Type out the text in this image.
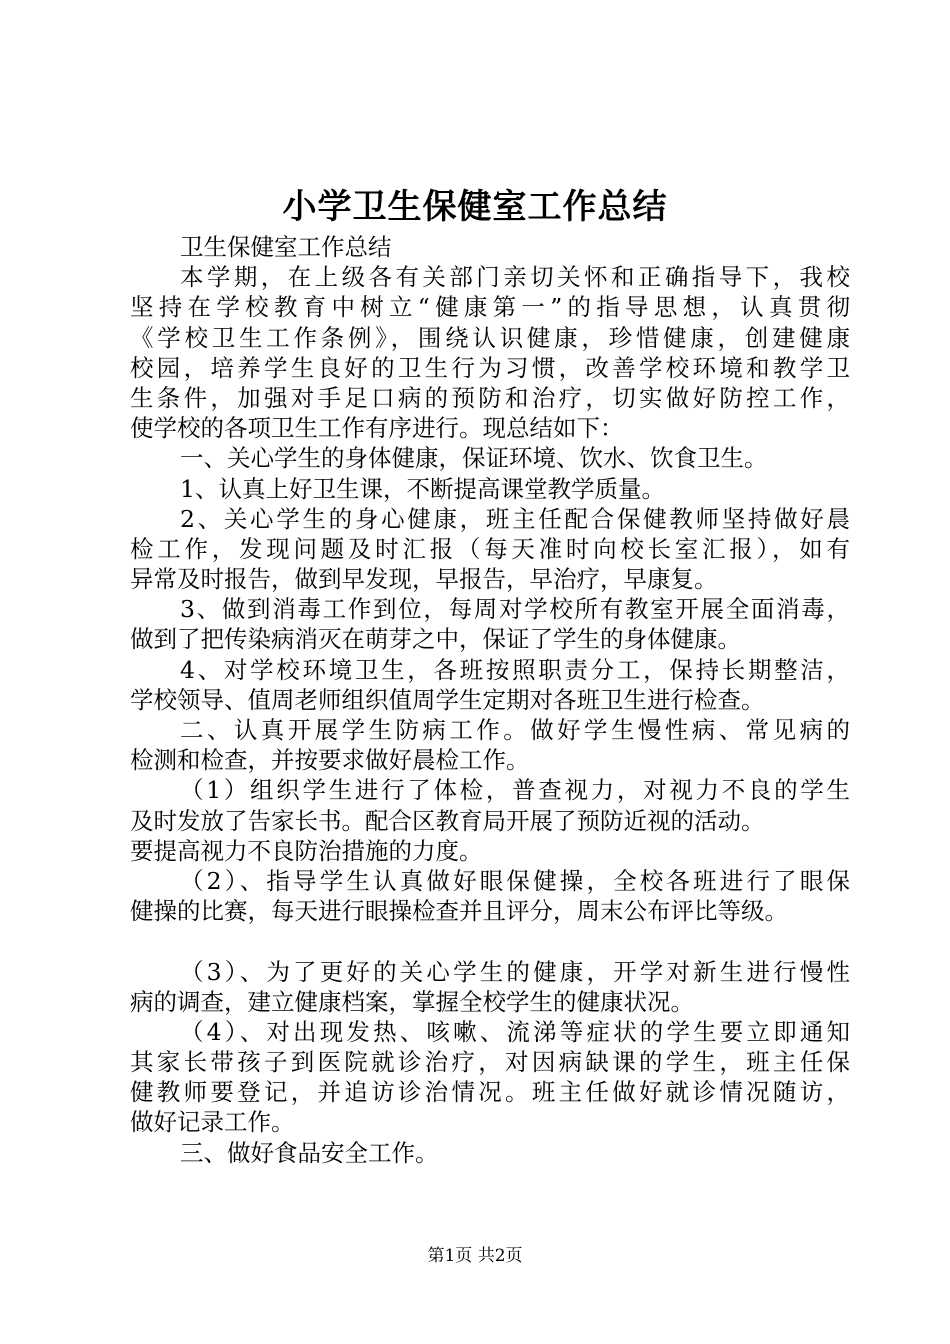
小学卫生保健室工作总结
卫生保健室工作总结
本学期，在上级各有关部门亲切关怀和正确指导下，我校
坚持在学校教育中树立“健康第一”的指导思想，认真贯彻
《学校卫生工作条例》，围绕认识健康，珍惜健康，创建健康
校园，培养学生良好的卫生行为习惯，改善学校环境和教学卫
生条件，加强对手足口病的预防和治疗，切实做好防控工作，
使学校的各项卫生工作有序进行。现总结如下：
一、关心学生的身体健康，保证环境、饮水、饮食卫生。
1、认真上好卫生课，不断提高课堂教学质量。
2、关心学生的身心健康，班主任配合保健教师坚持做好晨
检工作，发现问题及时汇报（每天准时向校长室汇报），如有
异常及时报告，做到早发现，早报告，早治疗，早康复。
3、做到消毒工作到位，每周对学校所有教室开展全面消毒，
做到了把传染病消灭在萌芽之中，保证了学生的身体健康。
4、对学校环境卫生，各班按照职责分工，保持长期整洁，
学校领导、值周老师组织值周学生定期对各班卫生进行检查。
二、认真开展学生防病工作。做好学生慢性病、常见病的
检测和检查，并按要求做好晨检工作。
（1）组织学生进行了体检，普查视力，对视力不良的学生
及时发放了告家长书。配合区教育局开展了预防近视的活动。
要提高视力不良防治措施的力度。
（2）、指导学生认真做好眼保健操，全校各班进行了眼保
健操的比赛，每天进行眼操检查并且评分，周末公布评比等级。
（3）、为了更好的关心学生的健康，开学对新生进行慢性
病的调查，建立健康档案，掌握全校学生的健康状况。
（4）、对出现发热、咳嗽、流涕等症状的学生要立即通知
其家长带孩子到医院就诊治疗，对因病缺课的学生，班主任保
健教师要登记，并追访诊治情况。班主任做好就诊情况随访，
做好记录工作。
三、做好食品安全工作。
第1页 共2页
